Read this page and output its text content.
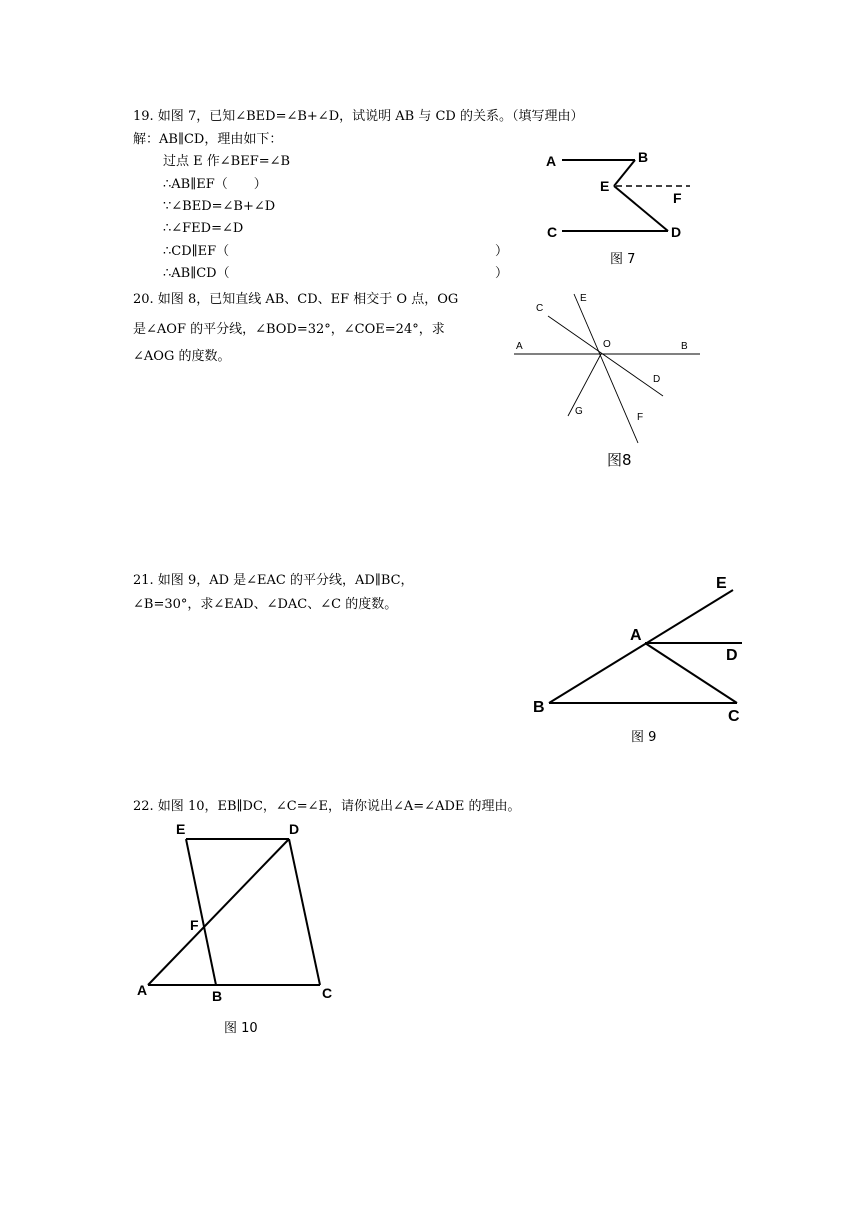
19. 如图 7，已知∠BED=∠B+∠D，试说明 AB 与 CD 的关系。（填写理由）
解：AB∥CD，理由如下：
过点 E 作∠BEF=∠B
∴AB∥EF（　　）
∵∠BED=∠B+∠D
∴∠FED=∠D
∴CD∥EF（	）
∴AB∥CD（	）
20. 如图 8，已知直线 AB、CD、EF 相交于 O 点，OG
是∠AOF 的平分线，∠BOD=32°，∠COE=24°，求
∠AOG 的度数。
21. 如图 9，AD 是∠EAC 的平分线，AD∥BC，
∠B=30°，求∠EAD、∠DAC、∠C 的度数。
22. 如图 10，EB∥DC，∠C=∠E，请你说出∠A=∠ADE 的理由。
A	B
E
F
C	D
图 7
C
E
A	O	B
D
G
F
图8
E
A
D
B
C
图 9
E	D
F
A	B	C
图 10
